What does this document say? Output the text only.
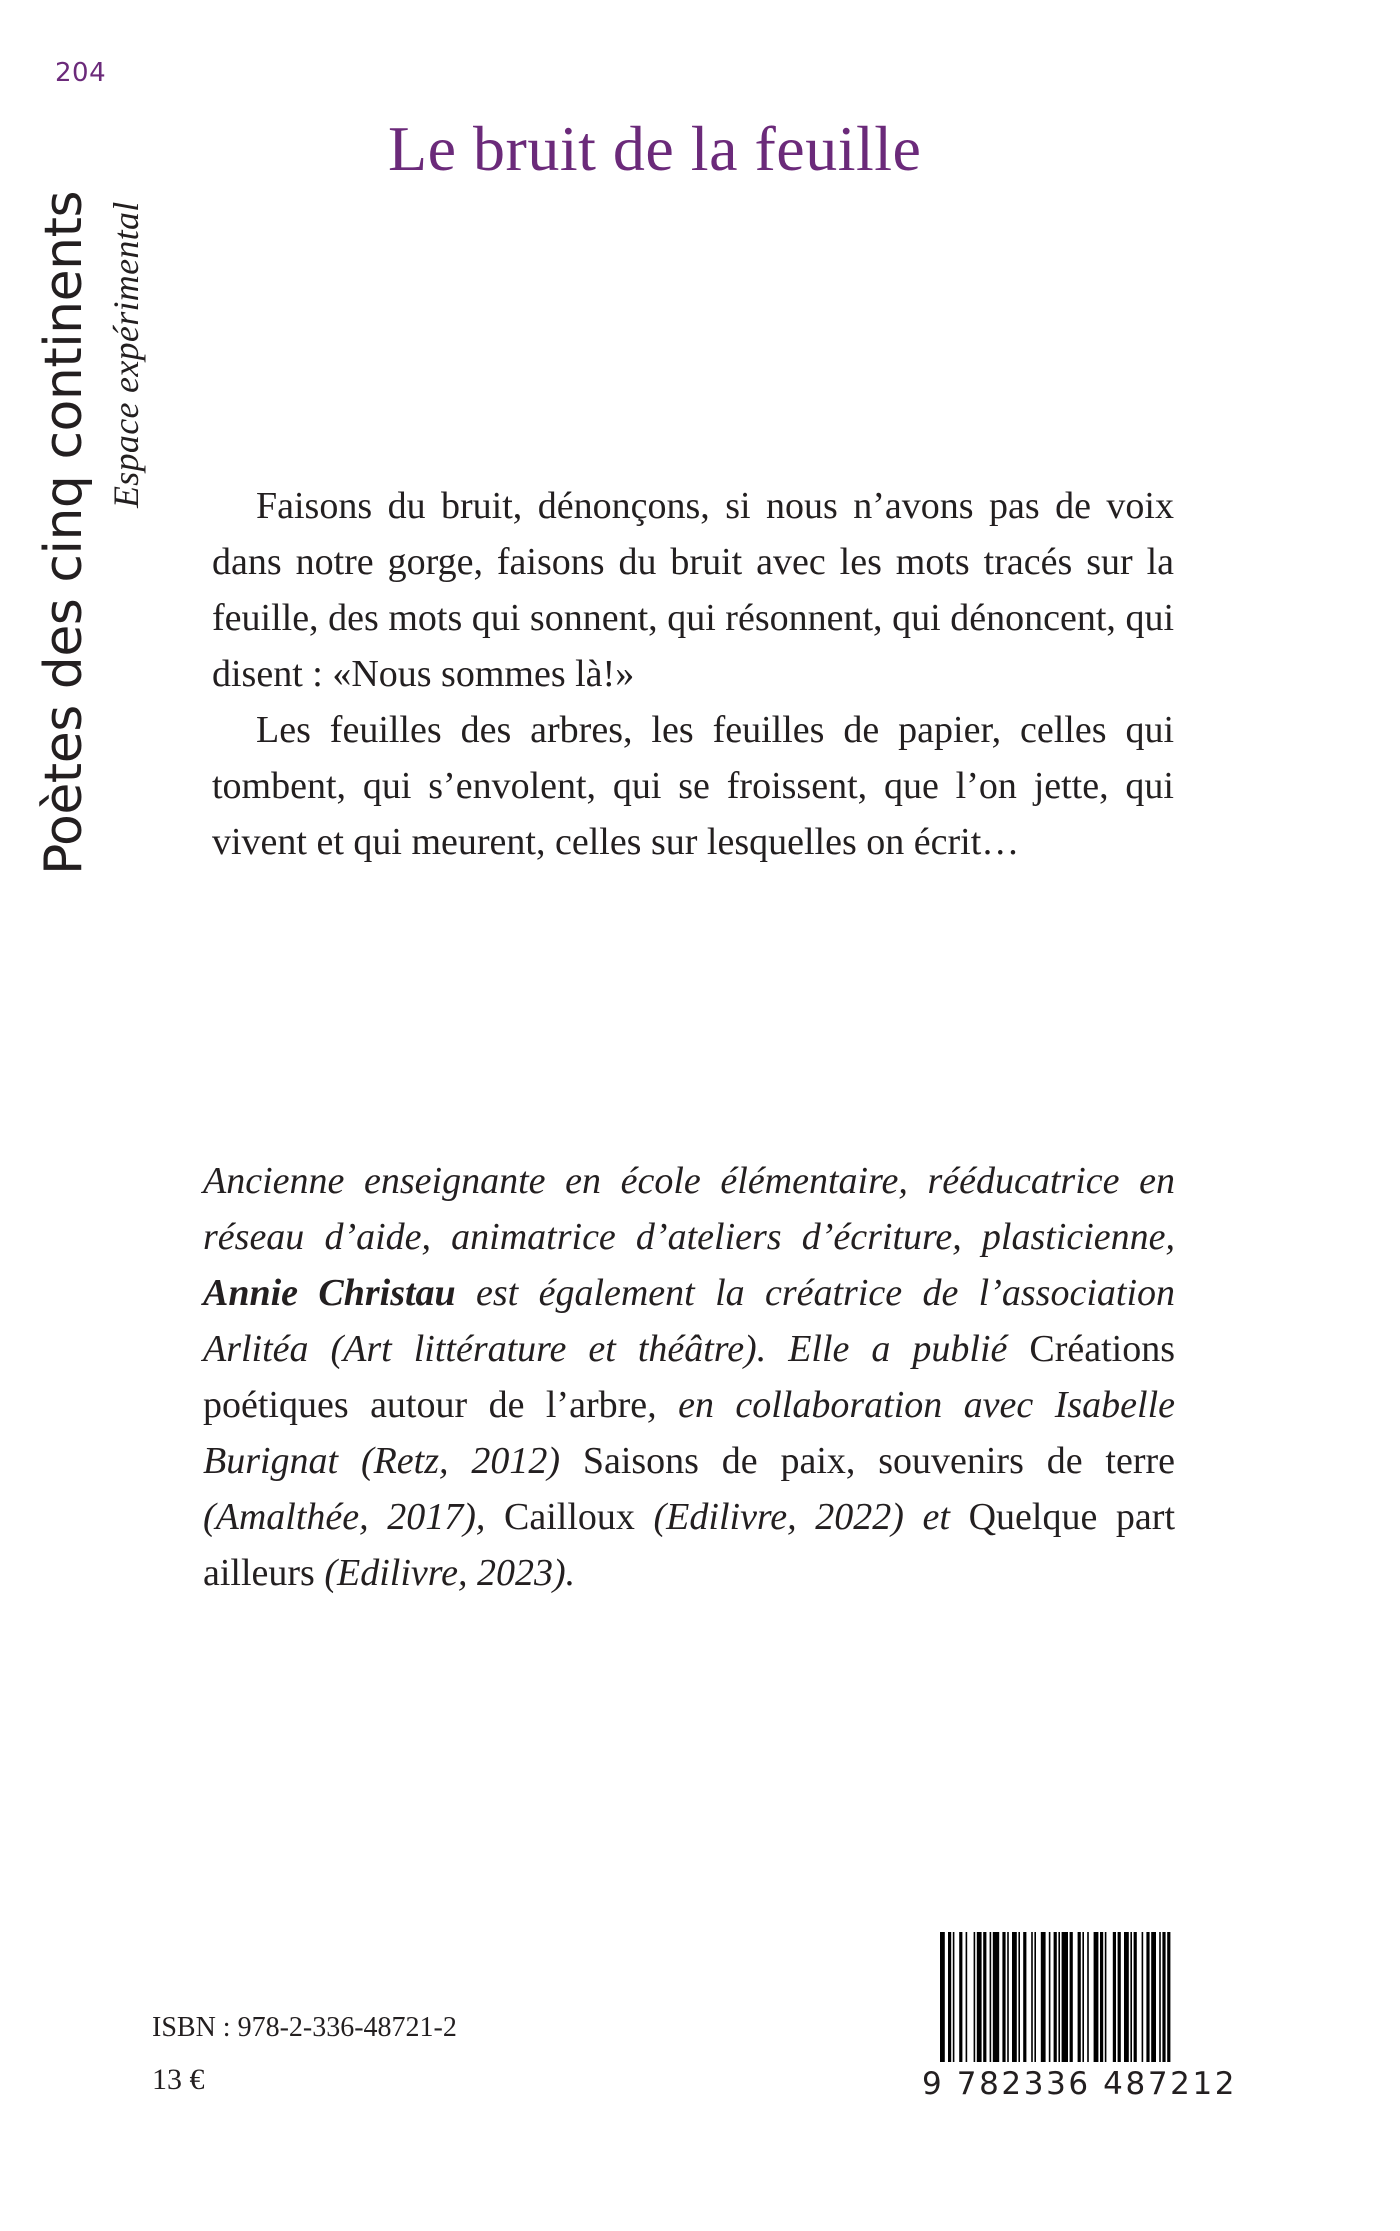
204
Poètes des cinq continents Espace expérimental
Le bruit de la feuille

Faisons du bruit, dénonçons, si nous n’avons pas de voix dans notre gorge, faisons du bruit avec les mots tracés sur la feuille, des mots qui sonnent, qui résonnent, qui dénoncent, qui disent : «Nous sommes là!»

Les feuilles des arbres, les feuilles de papier, celles qui tombent, qui s’envolent, qui se froissent, que l’on jette, qui vivent et qui meurent, celles sur lesquelles on écrit…

Ancienne enseignante en école élémentaire, rééducatrice en réseau d’aide, animatrice d’ateliers d’écriture, plasticienne, Annie Christau est également la créatrice de l’association Arlitéa (Art littérature et théâtre). Elle a publié Créations poétiques autour de l’arbre, en collaboration avec Isabelle Burignat (Retz, 2012) Saisons de paix, souvenirs de terre (Amalthée, 2017), Cailloux (Edilivre, 2022) et Quelque part ailleurs (Edilivre, 2023).
ISBN : 978-2-336-48721-2
13 €	9 782336 487212
